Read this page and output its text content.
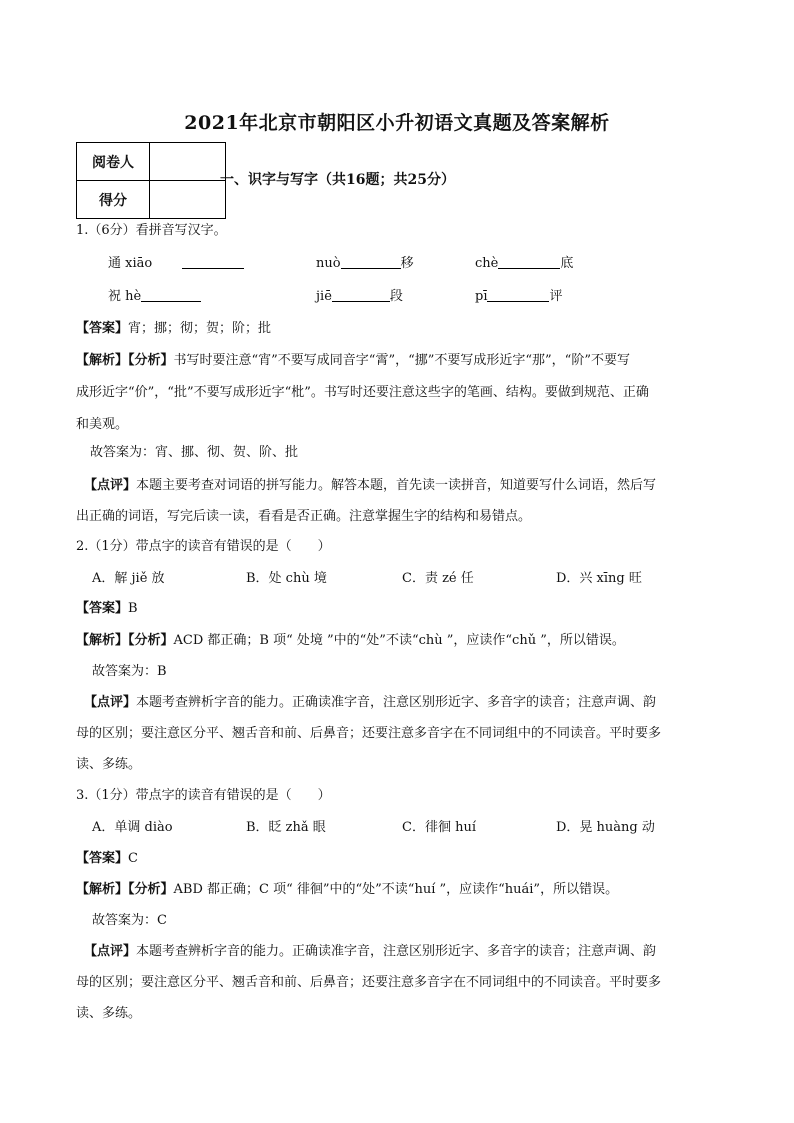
2021年北京市朝阳区小升初语文真题及答案解析
阅卷人	
得分	
一、识字与写字（共16题；共25分）
1.（6分）看拼音写汉字。
通 xiāo	nuò	移	chè	底
祝 hè	jiē	段	pī	评
【答案】宵；挪；彻；贺；阶；批
【解析】【分析】书写时要注意“宵”不要写成同音字“霄”，“挪”不要写成形近字“那”，“阶”不要写
成形近字“价”，“批”不要写成形近字“枇”。书写时还要注意这些字的笔画、结构。要做到规范、正确
和美观。
故答案为：宵、挪、彻、贺、阶、批
【点评】本题主要考查对词语的拼写能力。解答本题，首先读一读拼音，知道要写什么词语，然后写
出正确的词语，写完后读一读，看看是否正确。注意掌握生字的结构和易错点。
2.（1分）带点字的读音有错误的是（　　）
A．解 jiě 放	B．处 chù 境	C．责 zé 任	D．兴 xīng 旺
【答案】B
【解析】【分析】ACD 都正确；B 项“ 处境 ”中的“处”不读“chù ”，应读作“chǔ ”，所以错误。
故答案为：B
【点评】本题考查辨析字音的能力。正确读准字音，注意区别形近字、多音字的读音；注意声调、韵
母的区别；要注意区分平、翘舌音和前、后鼻音；还要注意多音字在不同词组中的不同读音。平时要多
读、多练。
3.（1分）带点字的读音有错误的是（　　）
A．单调 diào	B．眨 zhǎ 眼	C．徘徊 huí	D．晃 huàng 动
【答案】C
【解析】【分析】ABD 都正确；C 项“ 徘徊”中的“处”不读“huí ”，应读作“huái”，所以错误。
故答案为：C
【点评】本题考查辨析字音的能力。正确读准字音，注意区别形近字、多音字的读音；注意声调、韵
母的区别；要注意区分平、翘舌音和前、后鼻音；还要注意多音字在不同词组中的不同读音。平时要多
读、多练。
